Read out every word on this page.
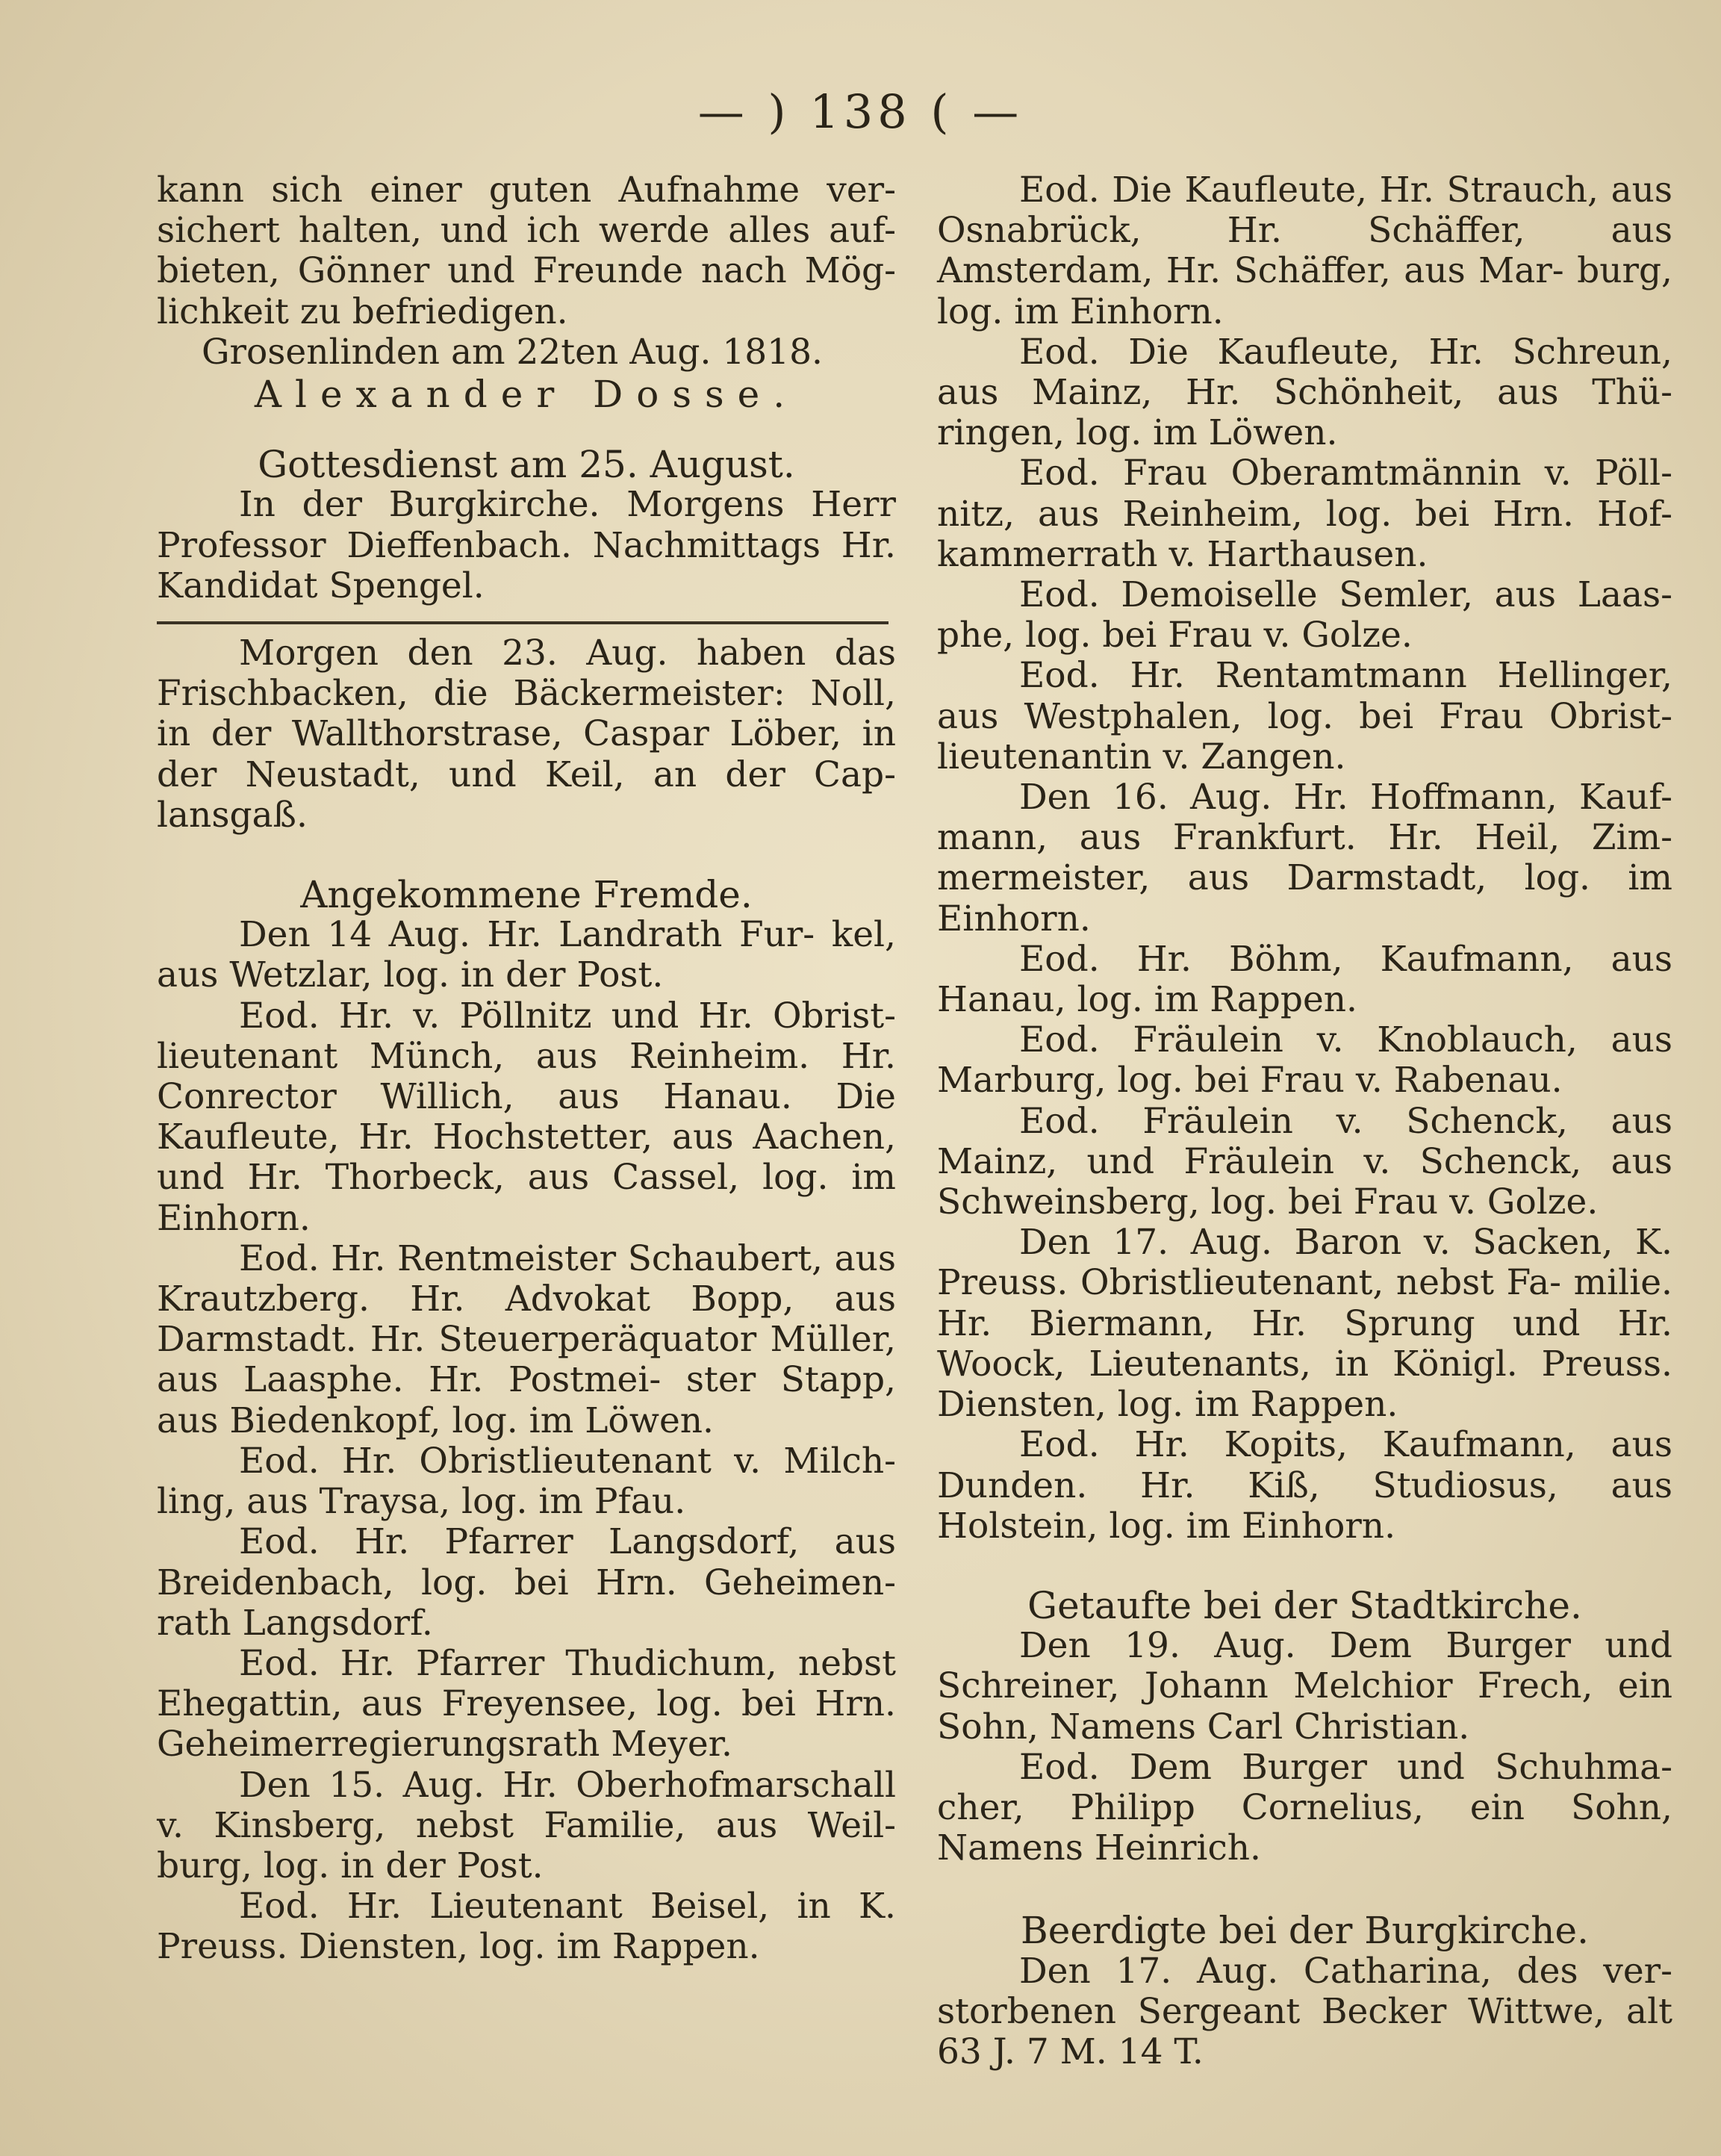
— ) 138 ( —

kann sich einer guten Aufnahme ver- sichert halten, und ich werde alles auf- bieten, Gönner und Freunde nach Mög- lichkeit zu befriedigen.

Grosenlinden am 22ten Aug. 1818.

Alexander Dosse.

Gottesdienst am 25. August.

In der Burgkirche. Morgens Herr Professor Dieffenbach. Nachmittags Hr. Kandidat Spengel.

Morgen den 23. Aug. haben das Frischbacken, die Bäckermeister: Noll, in der Wallthorstrase, Caspar Löber, in der Neustadt, und Keil, an der Cap- lansgaß.

Angekommene Fremde.

Den 14 Aug. Hr. Landrath Fur- kel, aus Wetzlar, log. in der Post.

Eod. Hr. v. Pöllnitz und Hr. Obrist- lieutenant Münch, aus Reinheim. Hr. Conrector Willich, aus Hanau. Die Kaufleute, Hr. Hochstetter, aus Aachen, und Hr. Thorbeck, aus Cassel, log. im Einhorn.

Eod. Hr. Rentmeister Schaubert, aus Krautzberg. Hr. Advokat Bopp, aus Darmstadt. Hr. Steuerperäquator Müller, aus Laasphe. Hr. Postmei- ster Stapp, aus Biedenkopf, log. im Löwen.

Eod. Hr. Obristlieutenant v. Milch- ling, aus Traysa, log. im Pfau.

Eod. Hr. Pfarrer Langsdorf, aus Breidenbach, log. bei Hrn. Geheimen- rath Langsdorf.

Eod. Hr. Pfarrer Thudichum, nebst Ehegattin, aus Freyensee, log. bei Hrn. Geheimerregierungsrath Meyer.

Den 15. Aug. Hr. Oberhofmarschall v. Kinsberg, nebst Familie, aus Weil- burg, log. in der Post.

Eod. Hr. Lieutenant Beisel, in K. Preuss. Diensten, log. im Rappen.

Eod. Die Kaufleute, Hr. Strauch, aus Osnabrück, Hr. Schäffer, aus Amsterdam, Hr. Schäffer, aus Mar- burg, log. im Einhorn.

Eod. Die Kaufleute, Hr. Schreun, aus Mainz, Hr. Schönheit, aus Thü- ringen, log. im Löwen.

Eod. Frau Oberamtmännin v. Pöll- nitz, aus Reinheim, log. bei Hrn. Hof- kammerrath v. Harthausen.

Eod. Demoiselle Semler, aus Laas- phe, log. bei Frau v. Golze.

Eod. Hr. Rentamtmann Hellinger, aus Westphalen, log. bei Frau Obrist- lieutenantin v. Zangen.

Den 16. Aug. Hr. Hoffmann, Kauf- mann, aus Frankfurt. Hr. Heil, Zim- mermeister, aus Darmstadt, log. im Einhorn.

Eod. Hr. Böhm, Kaufmann, aus Hanau, log. im Rappen.

Eod. Fräulein v. Knoblauch, aus Marburg, log. bei Frau v. Rabenau.

Eod. Fräulein v. Schenck, aus Mainz, und Fräulein v. Schenck, aus Schweinsberg, log. bei Frau v. Golze.

Den 17. Aug. Baron v. Sacken, K. Preuss. Obristlieutenant, nebst Fa- milie. Hr. Biermann, Hr. Sprung und Hr. Woock, Lieutenants, in Königl. Preuss. Diensten, log. im Rappen.

Eod. Hr. Kopits, Kaufmann, aus Dunden. Hr. Kiß, Studiosus, aus Holstein, log. im Einhorn.

Getaufte bei der Stadtkirche.

Den 19. Aug. Dem Burger und Schreiner, Johann Melchior Frech, ein Sohn, Namens Carl Christian.

Eod. Dem Burger und Schuhma- cher, Philipp Cornelius, ein Sohn, Namens Heinrich.

Beerdigte bei der Burgkirche.

Den 17. Aug. Catharina, des ver- storbenen Sergeant Becker Wittwe, alt 63 J. 7 M. 14 T.
